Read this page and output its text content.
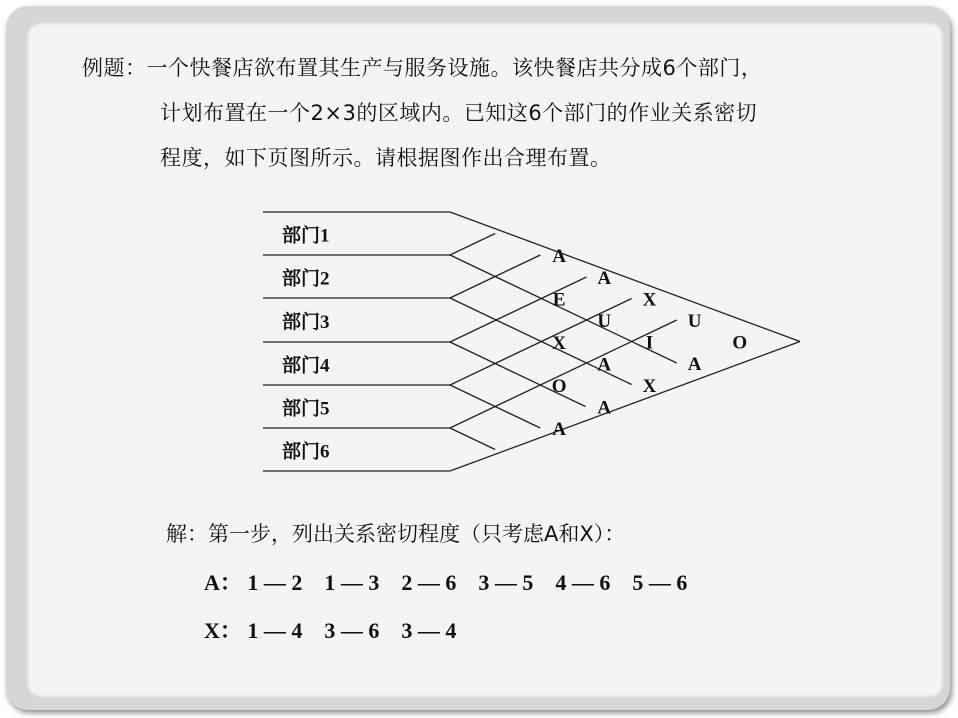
例题：一个快餐店欲布置其生产与服务设施。该快餐店共分成6个部门，
计划布置在一个2×3的区域内。已知这6个部门的作业关系密切
程度，如下页图所示。请根据图作出合理布置。
部门1
部门2
部门3
部门4
部门5
部门6
A
A
X
U
O
E
U
I
A
X
A
X
O
A
A
解：第一步，列出关系密切程度（只考虑A和X）：
A： 1 — 2 1 — 3 2 — 6 3 — 5 4 — 6 5 — 6
X： 1 — 4 3 — 6 3 — 4
